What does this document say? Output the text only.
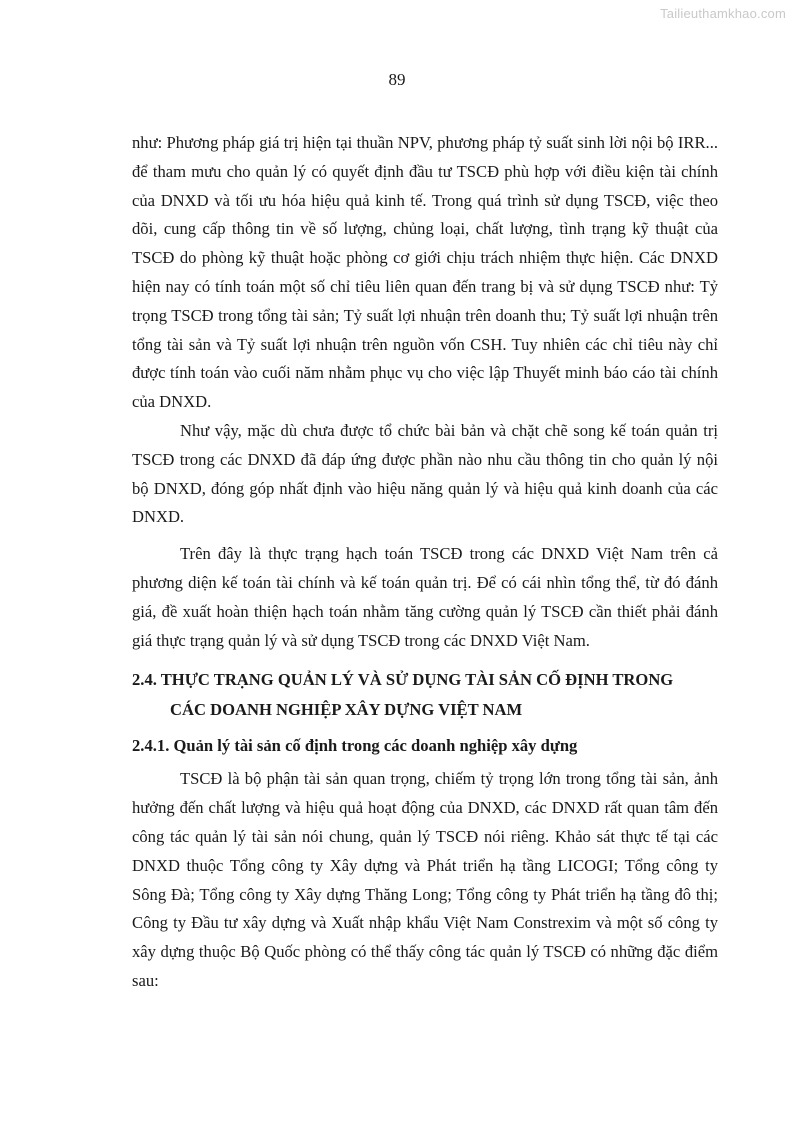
Tailieuthamkhao.com
89

như: Phương pháp giá trị hiện tại thuần NPV, phương pháp tỷ suất sinh lời nội bộ IRR... để tham mưu cho quản lý có quyết định đầu tư TSCĐ phù hợp với điều kiện tài chính của DNXD và tối ưu hóa hiệu quả kinh tế. Trong quá trình sử dụng TSCĐ, việc theo dõi, cung cấp thông tin về số lượng, chủng loại, chất lượng, tình trạng kỹ thuật của TSCĐ do phòng kỹ thuật hoặc phòng cơ giới chịu trách nhiệm thực hiện. Các DNXD hiện nay có tính toán một số chỉ tiêu liên quan đến trang bị và sử dụng TSCĐ như: Tỷ trọng TSCĐ trong tổng tài sản; Tỷ suất lợi nhuận trên doanh thu; Tỷ suất lợi nhuận trên tổng tài sản và Tỷ suất lợi nhuận trên nguồn vốn CSH. Tuy nhiên các chỉ tiêu này chỉ được tính toán vào cuối năm nhằm phục vụ cho việc lập Thuyết minh báo cáo tài chính của DNXD.

Như vậy, mặc dù chưa được tổ chức bài bản và chặt chẽ song kế toán quản trị TSCĐ trong các DNXD đã đáp ứng được phần nào nhu cầu thông tin cho quản lý nội bộ DNXD, đóng góp nhất định vào hiệu năng quản lý và hiệu quả kinh doanh của các DNXD.

Trên đây là thực trạng hạch toán TSCĐ trong các DNXD Việt Nam trên cả phương diện kế toán tài chính và kế toán quản trị. Để có cái nhìn tổng thể, từ đó đánh giá, đề xuất hoàn thiện hạch toán nhằm tăng cường quản lý TSCĐ cần thiết phải đánh giá thực trạng quản lý và sử dụng TSCĐ trong các DNXD Việt Nam.

2.4. THỰC TRẠNG QUẢN LÝ VÀ SỬ DỤNG TÀI SẢN CỐ ĐỊNH TRONG
CÁC DOANH NGHIỆP XÂY DỰNG VIỆT NAM
2.4.1. Quản lý tài sản cố định trong các doanh nghiệp xây dựng

TSCĐ là bộ phận tài sản quan trọng, chiếm tỷ trọng lớn trong tổng tài sản, ảnh hưởng đến chất lượng và hiệu quả hoạt động của DNXD, các DNXD rất quan tâm đến công tác quản lý tài sản nói chung, quản lý TSCĐ nói riêng. Khảo sát thực tế tại các DNXD thuộc Tổng công ty Xây dựng và Phát triển hạ tầng LICOGI; Tổng công ty Sông Đà; Tổng công ty Xây dựng Thăng Long; Tổng công ty Phát triển hạ tầng đô thị; Công ty Đầu tư xây dựng và Xuất nhập khẩu Việt Nam Constrexim và một số công ty xây dựng thuộc Bộ Quốc phòng có thể thấy công tác quản lý TSCĐ có những đặc điểm sau:
